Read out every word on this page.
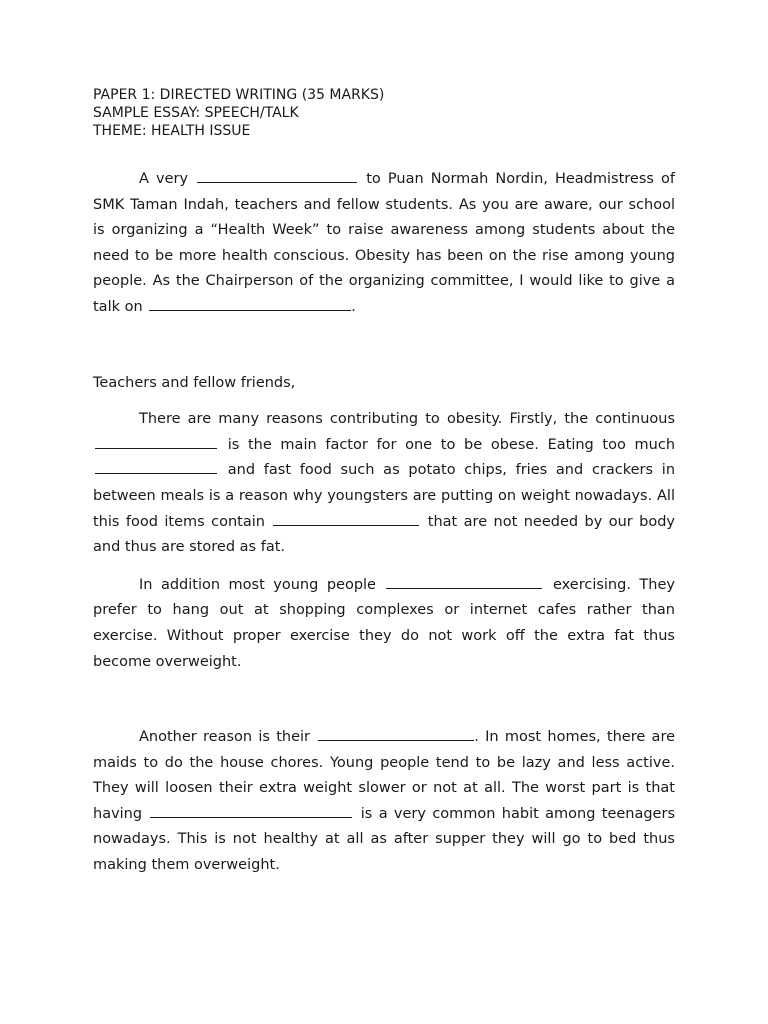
PAPER 1: DIRECTED WRITING (35 MARKS)
SAMPLE ESSAY: SPEECH/TALK
THEME: HEALTH ISSUE

A very	to Puan Normah Nordin, Headmistress of SMK Taman Indah, teachers and fellow students. As you are aware, our school is organizing a “Health Week” to raise awareness among students about the need to be more health conscious. Obesity has been on the rise among young people. As the Chairperson of the organizing committee, I would like to give a talk on	.

Teachers and fellow friends,

There are many reasons contributing to obesity. Firstly, the continuous  is the main factor for one to be obese. Eating too much  and fast food such as potato chips, fries and crackers in between meals is a reason why youngsters are putting on weight nowadays. All this food items contain	that are not needed by our body and thus are stored as fat.

In addition most young people	exercising. They prefer to hang out at shopping complexes or internet cafes rather than exercise. Without proper exercise they do not work off the extra fat thus become overweight.

Another reason is their	. In most homes, there are maids to do the house chores. Young people tend to be lazy and less active. They will loosen their extra weight slower or not at all. The worst part is that having	is a very common habit among teenagers nowadays. This is not healthy at all as after supper they will go to bed thus making them overweight.
